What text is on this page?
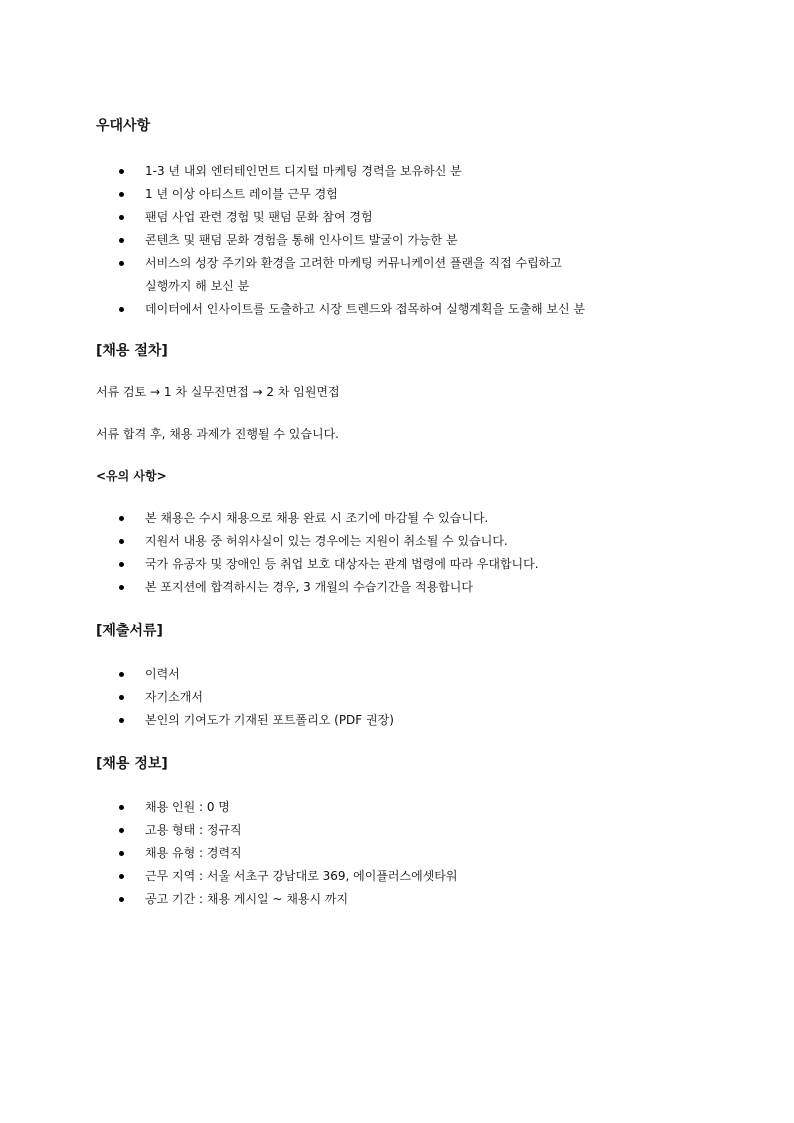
우대사항
1-3 년 내외 엔터테인먼트 디지털 마케팅 경력을 보유하신 분
1 년 이상 아티스트 레이블 근무 경험
팬덤 사업 관련 경험 및 팬덤 문화 참여 경험
콘텐츠 및 팬덤 문화 경험을 통해 인사이트 발굴이 가능한 분
서비스의 성장 주기와 환경을 고려한 마케팅 커뮤니케이션 플랜을 직접 수립하고
실행까지 해 보신 분
데이터에서 인사이트를 도출하고 시장 트렌드와 접목하여 실행계획을 도출해 보신 분
[채용 절차]

서류 검토 → 1 차 실무진면접 → 2 차 임원면접

서류 합격 후, 채용 과제가 진행될 수 있습니다.

<유의 사항>
본 채용은 수시 채용으로 채용 완료 시 조기에 마감될 수 있습니다.
지원서 내용 중 허위사실이 있는 경우에는 지원이 취소될 수 있습니다.
국가 유공자 및 장애인 등 취업 보호 대상자는 관계 법령에 따라 우대합니다.
본 포지션에 합격하시는 경우, 3 개월의 수습기간을 적용합니다
[제출서류]
이력서
자기소개서
본인의 기여도가 기재된 포트폴리오 (PDF 권장)
[채용 정보]
채용 인원 : 0 명
고용 형태 : 정규직
채용 유형 : 경력직
근무 지역 : 서울 서초구 강남대로 369, 에이플러스에셋타워
공고 기간 : 채용 게시일 ~ 채용시 까지
